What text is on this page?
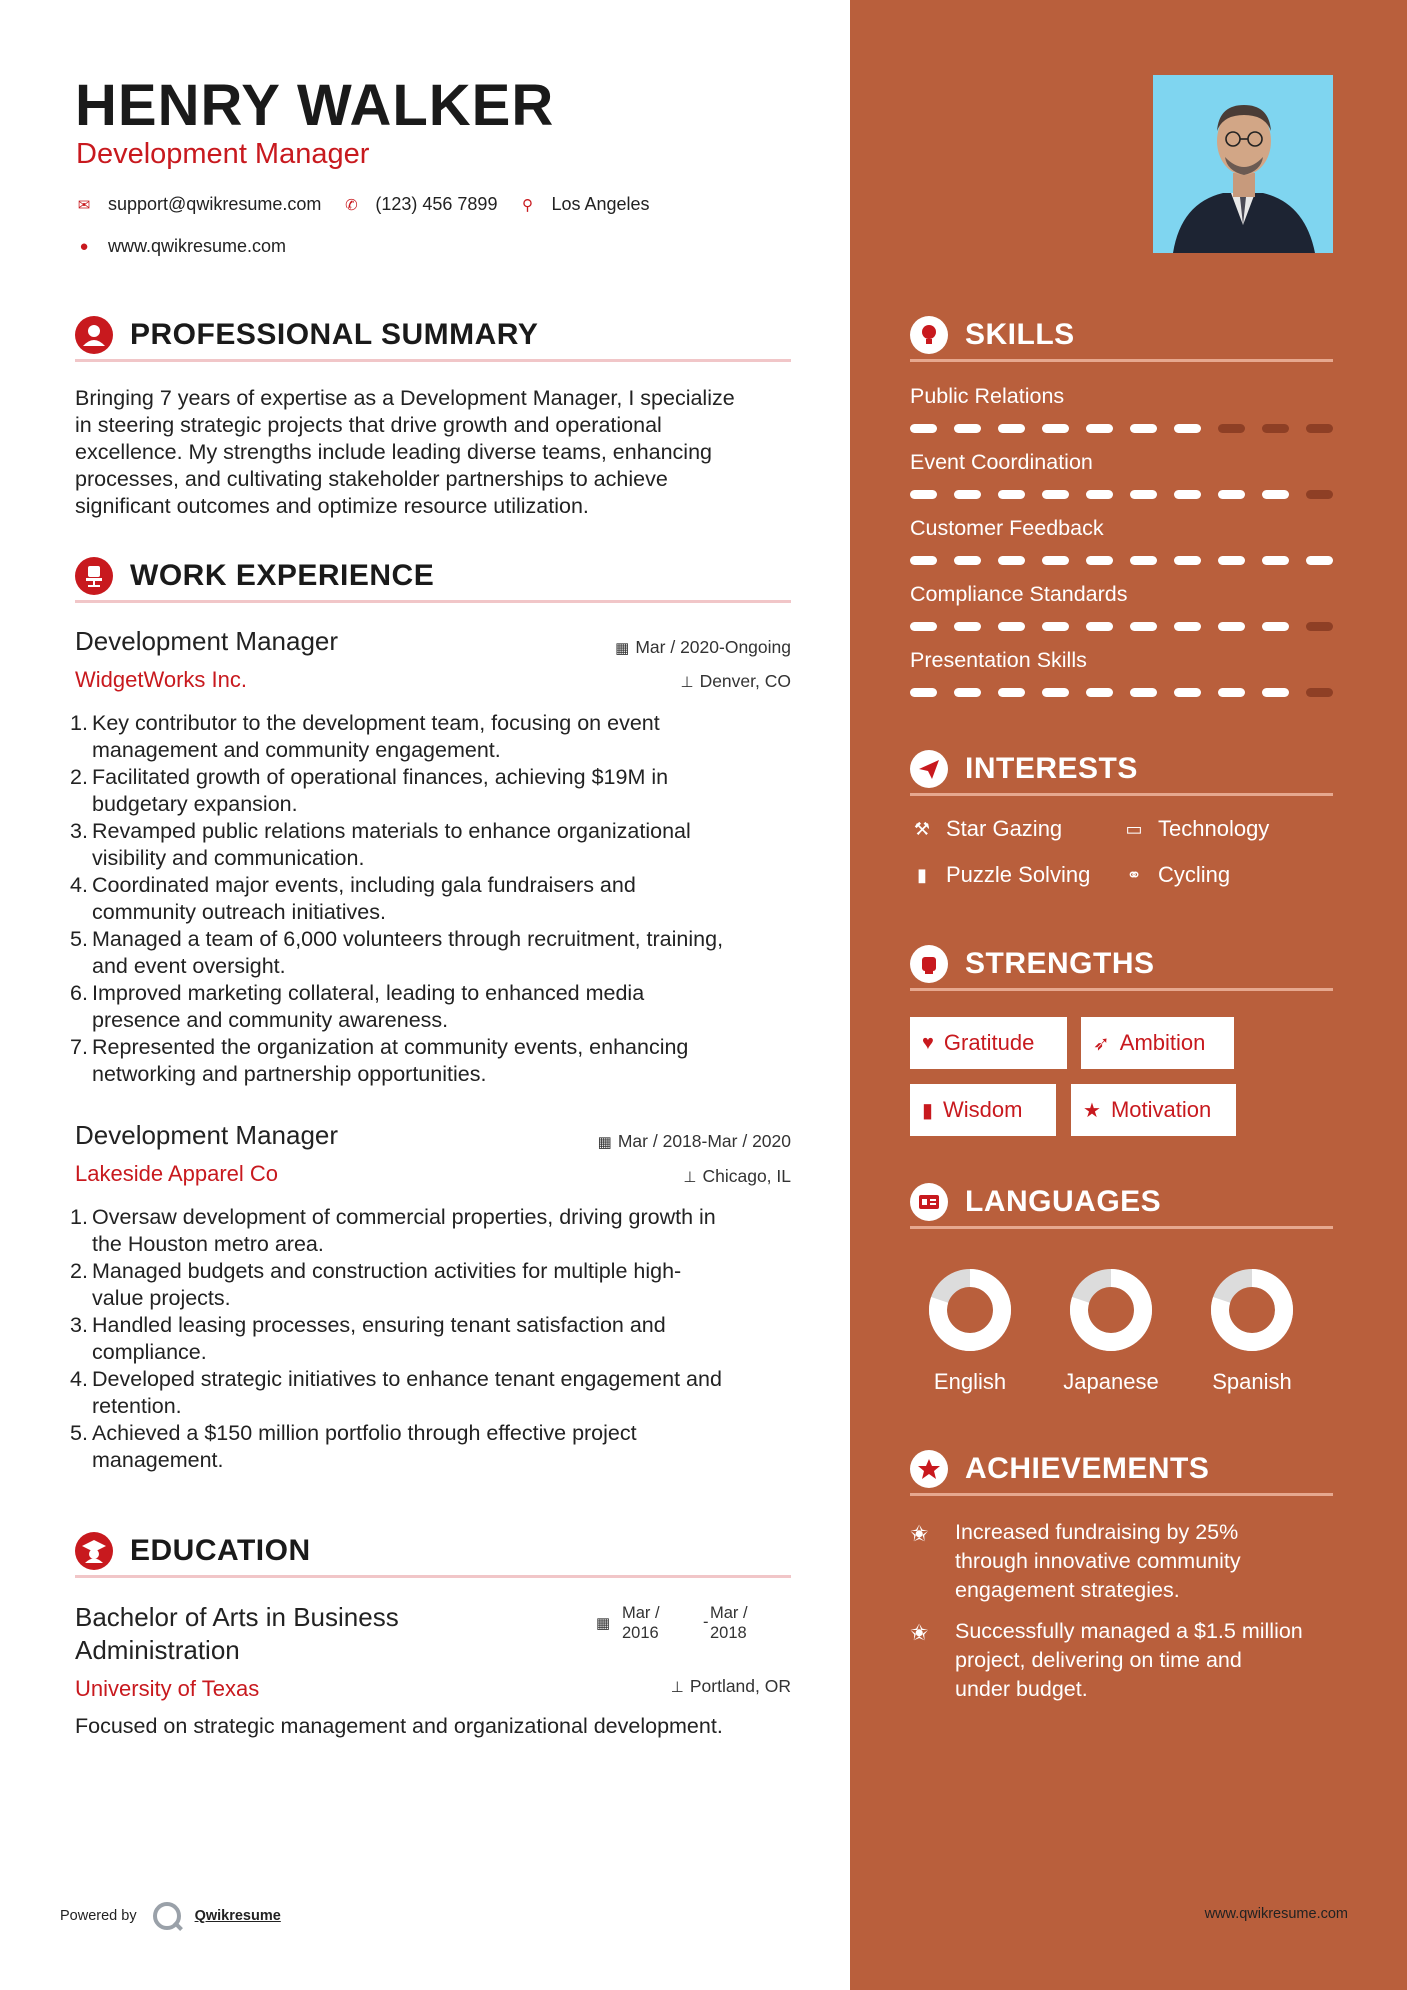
HENRY WALKER
Development Manager
✉ support@qwikresume.com ✆ (123) 456 7899 ⚲ Los Angeles
● www.qwikresume.com
PROFESSIONAL SUMMARY
Bringing 7 years of expertise as a Development Manager, I specialize
in steering strategic projects that drive growth and operational
excellence. My strengths include leading diverse teams, enhancing
processes, and cultivating stakeholder partnerships to achieve
significant outcomes and optimize resource utilization.
WORK EXPERIENCE
Development Manager
WidgetWorks Inc.
▦ Mar / 2020-Ongoing
⊥ Denver, CO
Key contributor to the development team, focusing on event
management and community engagement.
Facilitated growth of operational finances, achieving $19M in
budgetary expansion.
Revamped public relations materials to enhance organizational
visibility and communication.
Coordinated major events, including gala fundraisers and
community outreach initiatives.
Managed a team of 6,000 volunteers through recruitment, training,
and event oversight.
Improved marketing collateral, leading to enhanced media
presence and community awareness.
Represented the organization at community events, enhancing
networking and partnership opportunities.
Development Manager
Lakeside Apparel Co
▦ Mar / 2018-Mar / 2020
⊥ Chicago, IL
Oversaw development of commercial properties, driving growth in
the Houston metro area.
Managed budgets and construction activities for multiple high-
value projects.
Handled leasing processes, ensuring tenant satisfaction and
compliance.
Developed strategic initiatives to enhance tenant engagement and
retention.
Achieved a $150 million portfolio through effective project
management.
EDUCATION
Bachelor of Arts in Business
Administration
University of Texas
▦
Mar /
2016
- Mar /
2018
⊥ Portland, OR
Focused on strategic management and organizational development.
Powered by	Qwikresume
SKILLS
Public Relations
Event Coordination
Customer Feedback
Compliance Standards
Presentation Skills
INTERESTS
⚒ Star Gazing	▭ Technology
▮ Puzzle Solving ⚭ Cycling
STRENGTHS
♥ Gratitude	➶ Ambition
▮ Wisdom	★ Motivation
LANGUAGES
English	Japanese	Spanish
ACHIEVEMENTS
✬ Increased fundraising by 25%
through innovative community
engagement strategies.
✬ Successfully managed a $1.5 million
project, delivering on time and
under budget.
www.qwikresume.com
